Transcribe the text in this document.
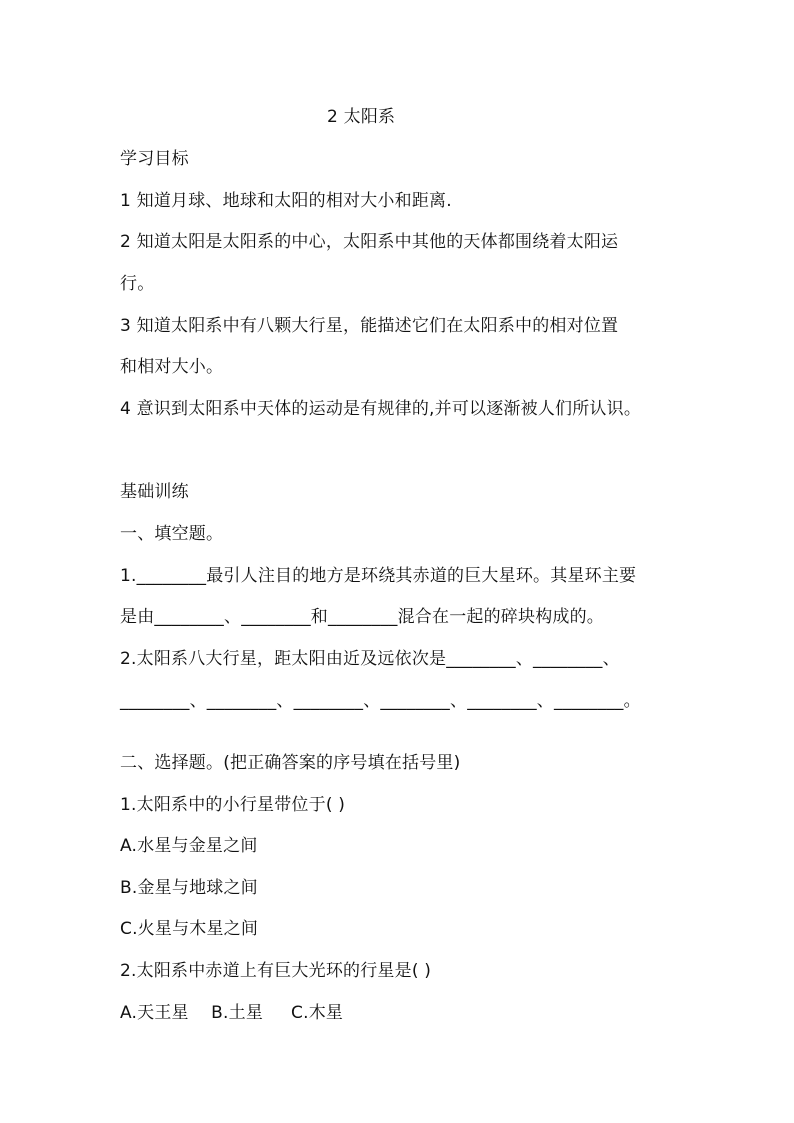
2 太阳系
学习目标
1 知道月球、地球和太阳的相对大小和距离.
2 知道太阳是太阳系的中心，太阳系中其他的天体都围绕着太阳运
行。
3 知道太阳系中有八颗大行星，能描述它们在太阳系中的相对位置
和相对大小。
4 意识到太阳系中天体的运动是有规律的,并可以逐渐被人们所认识。
基础训练
一、填空题。
1.________最引人注目的地方是环绕其赤道的巨大星环。其星环主要
是由________、________和________混合在一起的碎块构成的。
2.太阳系八大行星，距太阳由近及远依次是________、________、
________、________、________、________、________、________。
二、选择题。(把正确答案的序号填在括号里)
1.太阳系中的小行星带位于( )
A.水星与金星之间
B.金星与地球之间
C.火星与木星之间
2.太阳系中赤道上有巨大光环的行星是( )
A.天王星    B.土星     C.木星
